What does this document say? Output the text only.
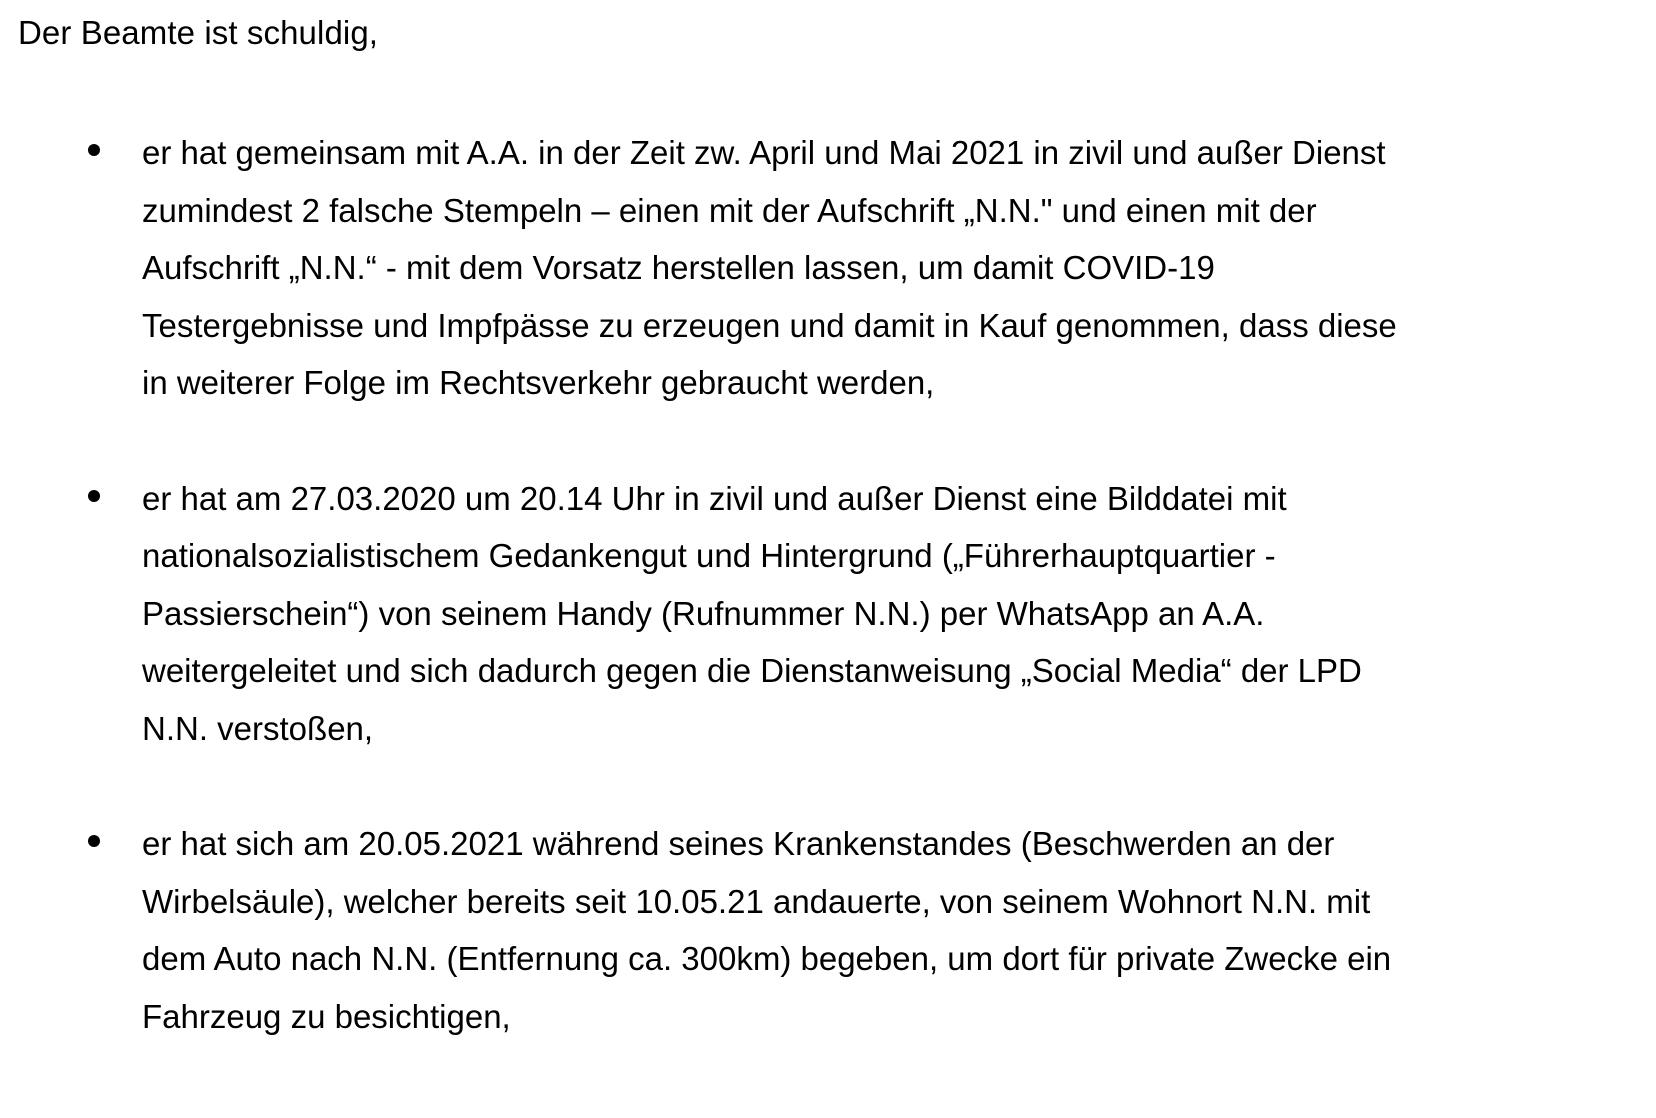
Der Beamte ist schuldig,

er hat gemeinsam mit A.A. in der Zeit zw. April und Mai 2021 in zivil und außer Dienst
zumindest 2 falsche Stempeln – einen mit der Aufschrift „N.N." und einen mit der
Aufschrift „N.N.“ - mit dem Vorsatz herstellen lassen, um damit COVID-19
Testergebnisse und Impfpässe zu erzeugen und damit in Kauf genommen, dass diese
in weiterer Folge im Rechtsverkehr gebraucht werden,
er hat am 27.03.2020 um 20.14 Uhr in zivil und außer Dienst eine Bilddatei mit
nationalsozialistischem Gedankengut und Hintergrund („Führerhauptquartier -
Passierschein“) von seinem Handy (Rufnummer N.N.) per WhatsApp an A.A.
weitergeleitet und sich dadurch gegen die Dienstanweisung „Social Media“ der LPD
N.N. verstoßen,
er hat sich am 20.05.2021 während seines Krankenstandes (Beschwerden an der
Wirbelsäule), welcher bereits seit 10.05.21 andauerte, von seinem Wohnort N.N. mit
dem Auto nach N.N. (Entfernung ca. 300km) begeben, um dort für private Zwecke ein
Fahrzeug zu besichtigen,
